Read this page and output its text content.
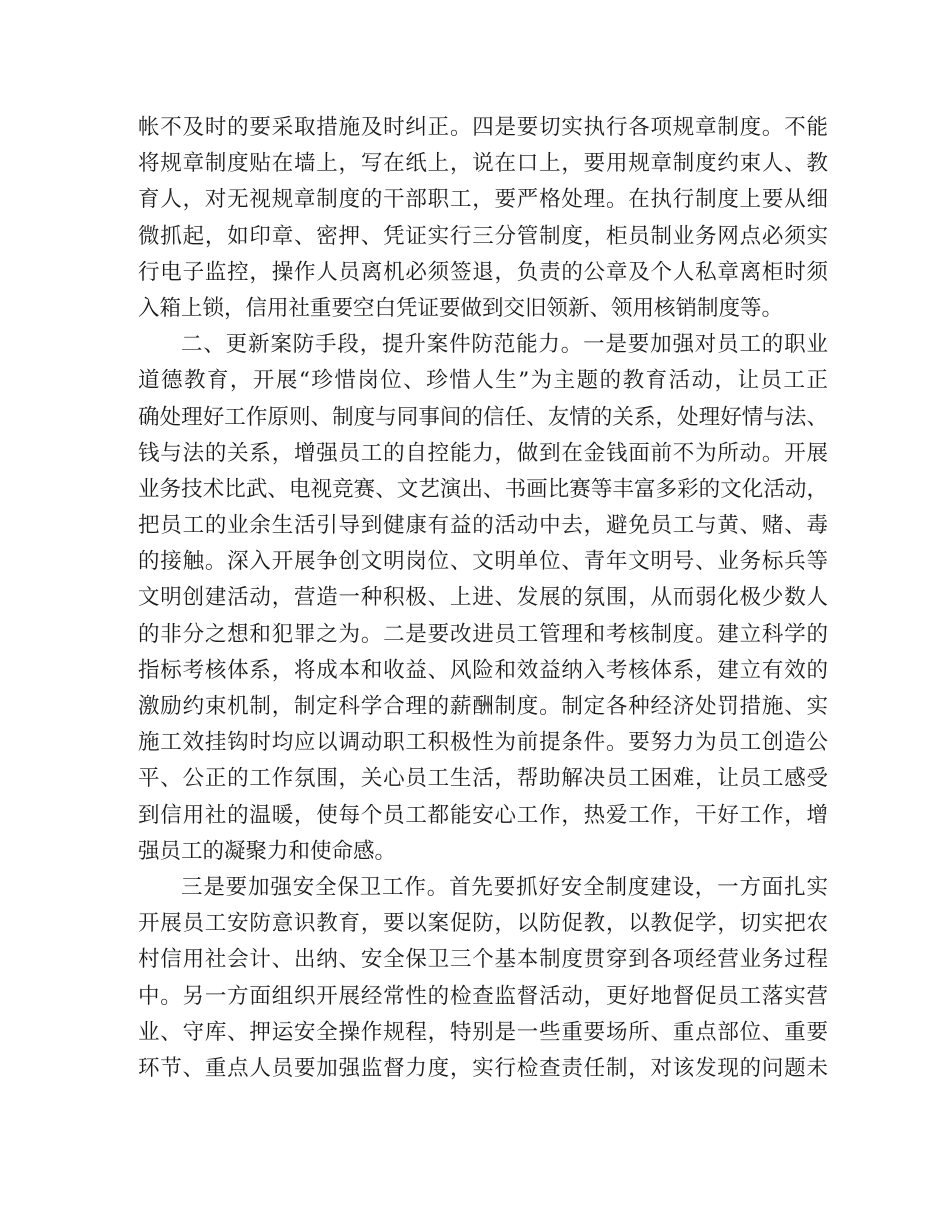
帐不及时的要采取措施及时纠正。四是要切实执行各项规章制度。不能
将规章制度贴在墙上，写在纸上，说在口上，要用规章制度约束人、教
育人，对无视规章制度的干部职工，要严格处理。在执行制度上要从细
微抓起，如印章、密押、凭证实行三分管制度，柜员制业务网点必须实
行电子监控，操作人员离机必须签退，负责的公章及个人私章离柜时须
入箱上锁，信用社重要空白凭证要做到交旧领新、领用核销制度等。
二、更新案防手段，提升案件防范能力。一是要加强对员工的职业
道德教育，开展“珍惜岗位、珍惜人生”为主题的教育活动，让员工正
确处理好工作原则、制度与同事间的信任、友情的关系，处理好情与法、
钱与法的关系，增强员工的自控能力，做到在金钱面前不为所动。开展
业务技术比武、电视竞赛、文艺演出、书画比赛等丰富多彩的文化活动，
把员工的业余生活引导到健康有益的活动中去，避免员工与黄、赌、毒
的接触。深入开展争创文明岗位、文明单位、青年文明号、业务标兵等
文明创建活动，营造一种积极、上进、发展的氛围，从而弱化极少数人
的非分之想和犯罪之为。二是要改进员工管理和考核制度。建立科学的
指标考核体系，将成本和收益、风险和效益纳入考核体系，建立有效的
激励约束机制，制定科学合理的薪酬制度。制定各种经济处罚措施、实
施工效挂钩时均应以调动职工积极性为前提条件。要努力为员工创造公
平、公正的工作氛围，关心员工生活，帮助解决员工困难，让员工感受
到信用社的温暖，使每个员工都能安心工作，热爱工作，干好工作，增
强员工的凝聚力和使命感。
三是要加强安全保卫工作。首先要抓好安全制度建设，一方面扎实
开展员工安防意识教育，要以案促防，以防促教，以教促学，切实把农
村信用社会计、出纳、安全保卫三个基本制度贯穿到各项经营业务过程
中。另一方面组织开展经常性的检查监督活动，更好地督促员工落实营
业、守库、押运安全操作规程，特别是一些重要场所、重点部位、重要
环节、重点人员要加强监督力度，实行检查责任制，对该发现的问题未
